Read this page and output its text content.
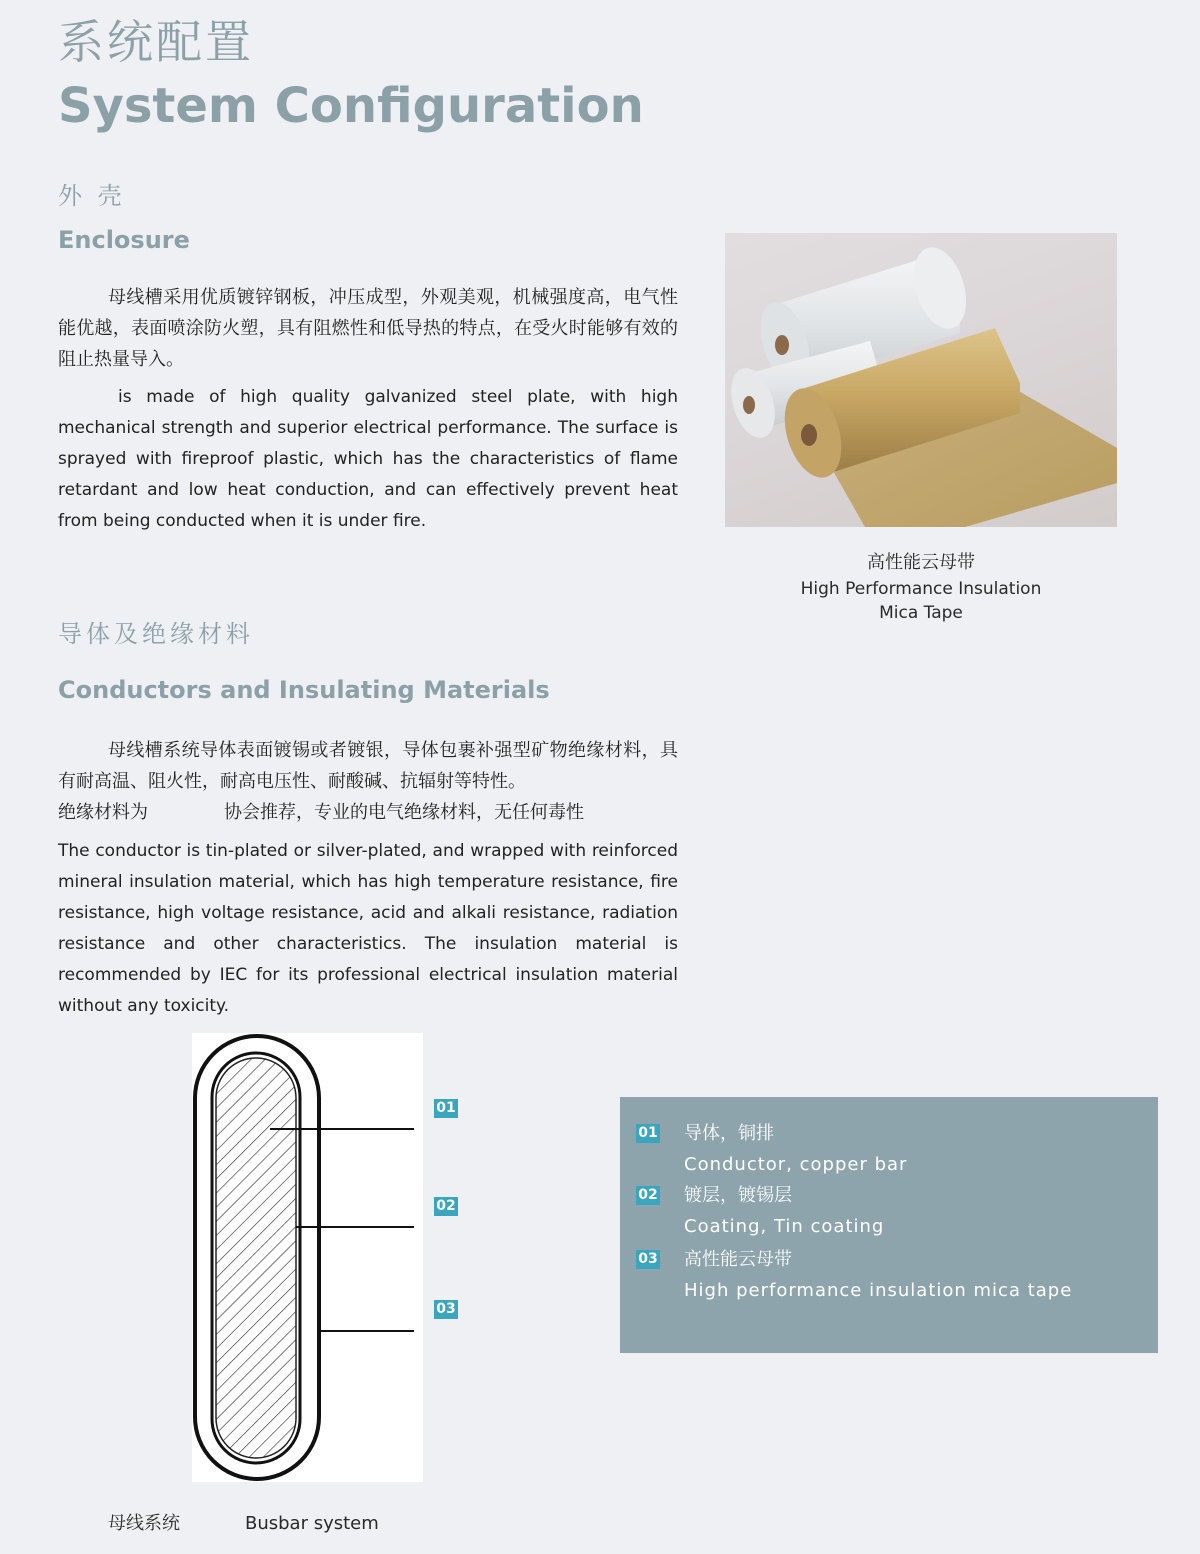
系统配置
System Configuration
外 壳
Enclosure
母线槽采用优质镀锌钢板，冲压成型，外观美观，机械强度高，电气性能优越，表面喷涂防火塑，具有阻燃性和低导热的特点，在受火时能够有效的阻止热量导入。
is made of high quality galvanized steel plate, with high mechanical strength and superior electrical performance. The surface is sprayed with fireproof plastic, which has the characteristics of flame retardant and low heat conduction, and can effectively prevent heat from being conducted when it is under fire.
高性能云母带
High Performance Insulation
Mica Tape
导体及绝缘材料
Conductors and Insulating Materials
母线槽系统导体表面镀锡或者镀银，导体包裹补强型矿物绝缘材料，具有耐高温、阻火性，耐高电压性、耐酸碱、抗辐射等特性。
绝缘材料为	协会推荐，专业的电气绝缘材料，无任何毒性
The conductor is tin-plated or silver-plated, and wrapped with reinforced mineral insulation material, which has high temperature resistance, fire resistance, high voltage resistance, acid and alkali resistance, radiation resistance and other characteristics. The insulation material is recommended by IEC for its professional electrical insulation material without any toxicity.
01
02
03
母线系统	Busbar system
01 导体，铜排
Conductor, copper bar
02 镀层，镀锡层
Coating, Tin coating
03 高性能云母带
High performance insulation mica tape
